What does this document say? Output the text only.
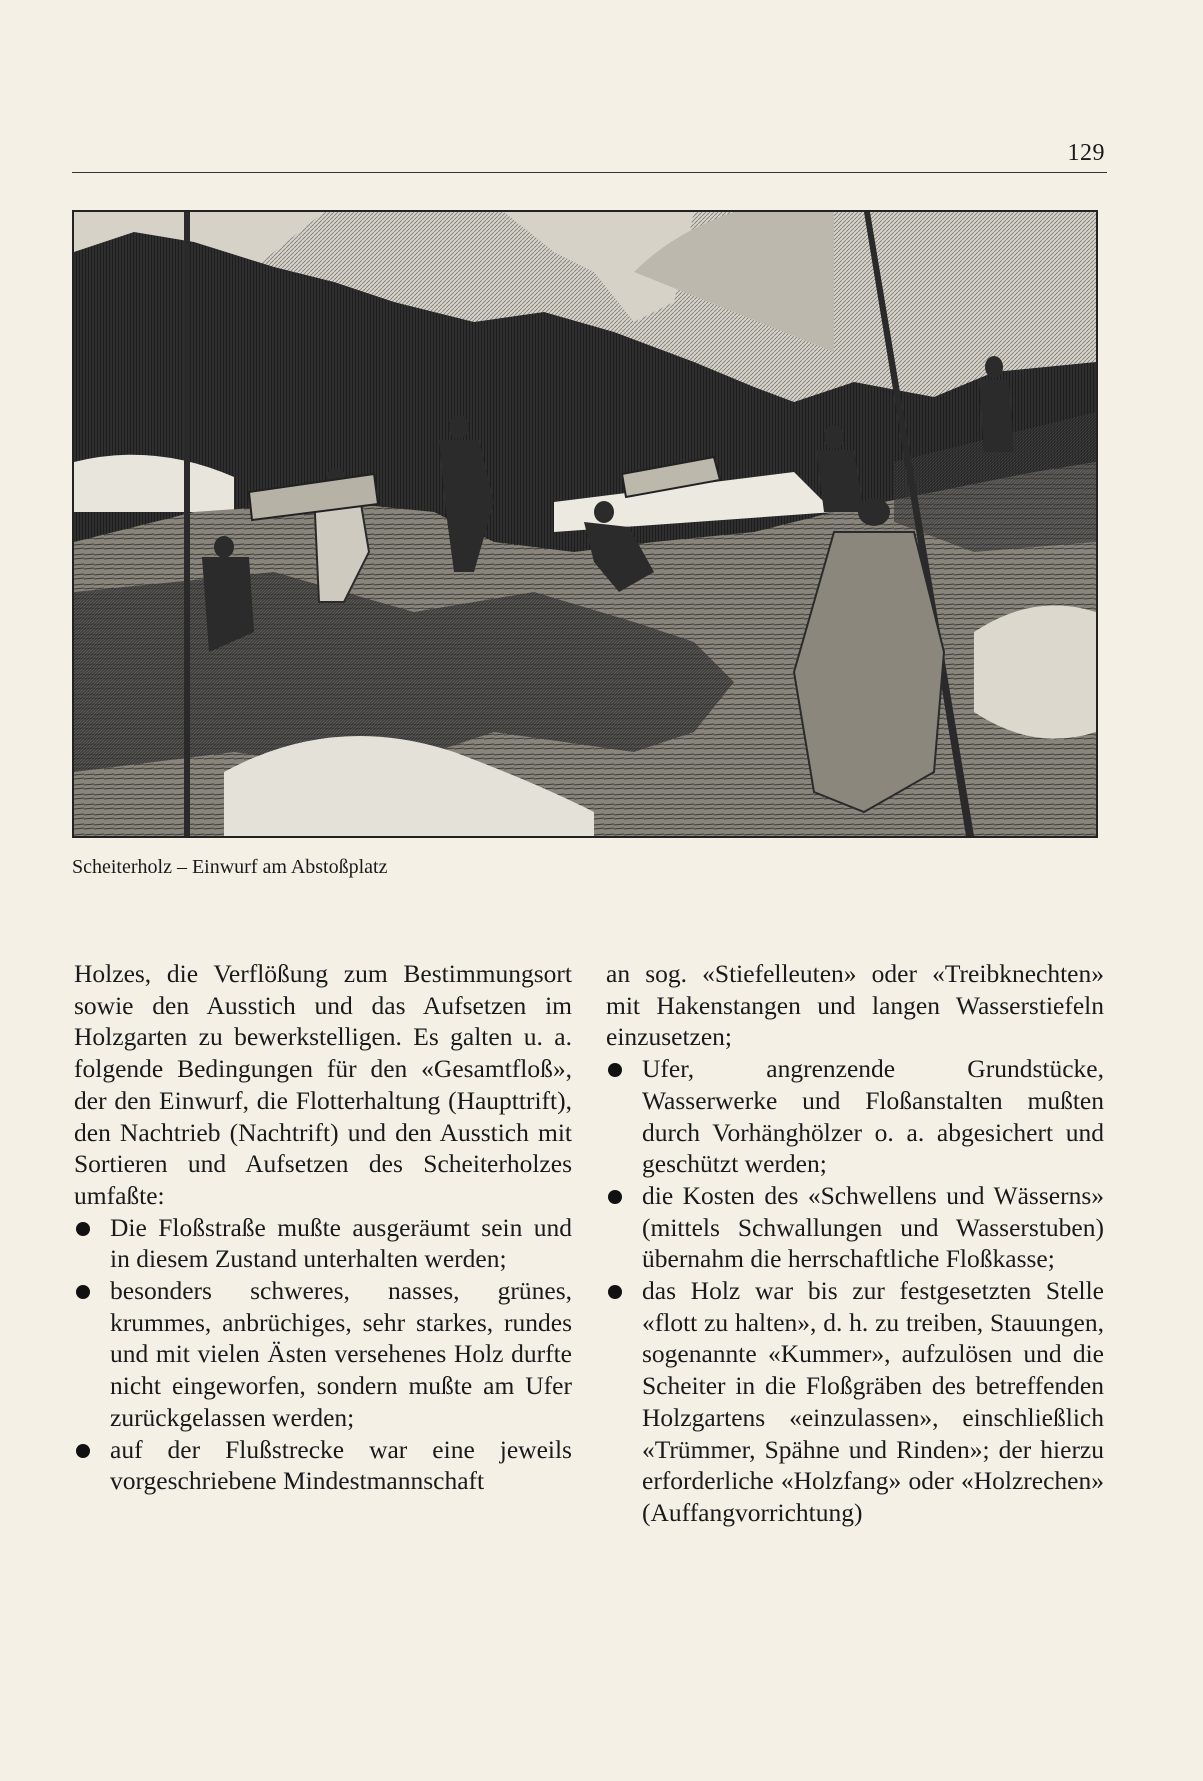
129
Scheiterholz – Einwurf am Abstoßplatz

Holzes, die Verflößung zum Bestimmungsort sowie den Ausstich und das Aufsetzen im Holzgarten zu bewerkstelligen. Es galten u. a. folgende Bedingungen für den «Gesamtfloß», der den Einwurf, die Flotterhaltung (Haupttrift), den Nachtrieb (Nachtrift) und den Ausstich mit Sortieren und Aufsetzen des Scheiterholzes umfaßte:

Die Floßstraße mußte ausgeräumt sein und in diesem Zustand unterhalten werden;
besonders schweres, nasses, grünes, krummes, anbrüchiges, sehr starkes, rundes und mit vielen Ästen versehenes Holz durfte nicht eingeworfen, sondern mußte am Ufer zurückgelassen werden;
auf der Flußstrecke war eine jeweils vorgeschriebene Mindestmannschaft

an sog. «Stiefelleuten» oder «Treibknechten» mit Hakenstangen und langen Wasserstiefeln einzusetzen;

Ufer, angrenzende Grundstücke, Wasserwerke und Floßanstalten mußten durch Vorhänghölzer o. a. abgesichert und geschützt werden;
die Kosten des «Schwellens und Wässerns» (mittels Schwallungen und Wasserstuben) übernahm die herrschaftliche Floßkasse;
das Holz war bis zur festgesetzten Stelle «flott zu halten», d. h. zu treiben, Stauungen, sogenannte «Kummer», aufzulösen und die Scheiter in die Floßgräben des betreffenden Holzgartens «einzulassen», einschließlich «Trümmer, Spähne und Rinden»; der hierzu erforderliche «Holzfang» oder «Holzrechen» (Auffangvorrichtung)
